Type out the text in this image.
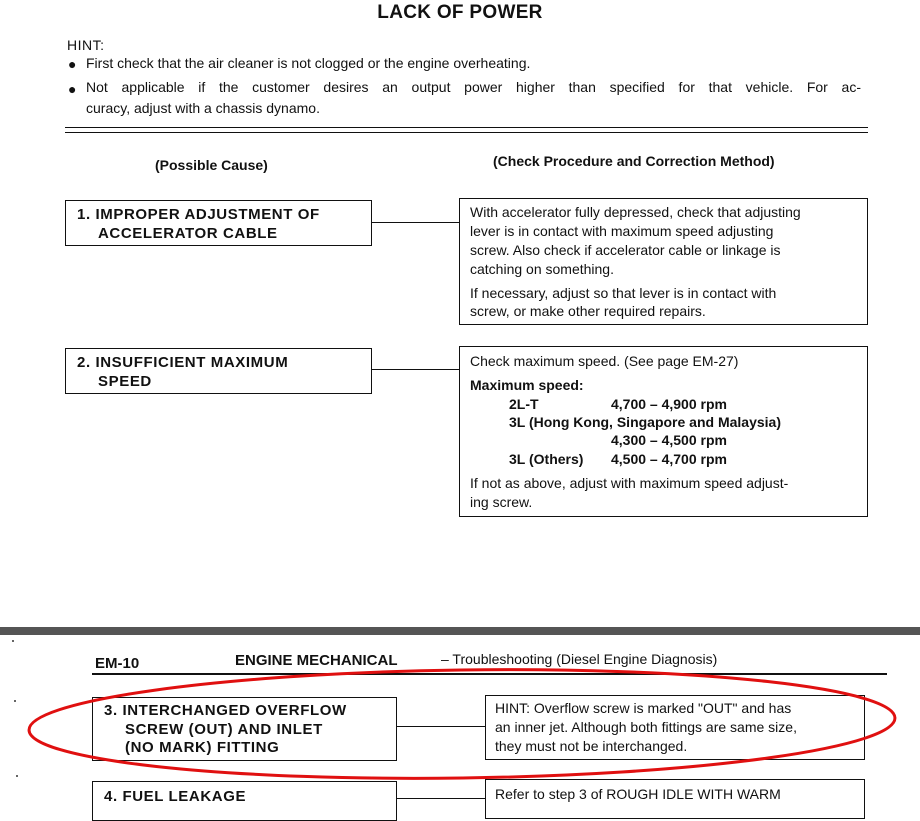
LACK OF POWER
HINT:
● First check that the air cleaner is not clogged or the engine overheating.
● Not applicable if the customer desires an output power higher than specified for that vehicle. For ac-
curacy, adjust with a chassis dynamo.
(Possible Cause)	(Check Procedure and Correction Method)
1. IMPROPER ADJUSTMENT OF
ACCELERATOR CABLE
With accelerator fully depressed, check that adjusting
lever is in contact with maximum speed adjusting
screw. Also check if accelerator cable or linkage is
catching on something.
If necessary, adjust so that lever is in contact with
screw, or make other required repairs.
2. INSUFFICIENT MAXIMUM
SPEED
Check maximum speed. (See page EM-27)
Maximum speed:
2L-T	4,700 – 4,900 rpm
3L (Hong Kong, Singapore and Malaysia)
4,300 – 4,500 rpm
3L (Others) 4,500 – 4,700 rpm
If not as above, adjust with maximum speed adjust-
ing screw.
EM-10	ENGINE MECHANICAL	– Troubleshooting (Diesel Engine Diagnosis)
3. INTERCHANGED OVERFLOW
SCREW (OUT) AND INLET
(NO MARK) FITTING
HINT: Overflow screw is marked "OUT" and has
an inner jet. Although both fittings are same size,
they must not be interchanged.
4. FUEL LEAKAGE	Refer to step 3 of ROUGH IDLE WITH WARM
